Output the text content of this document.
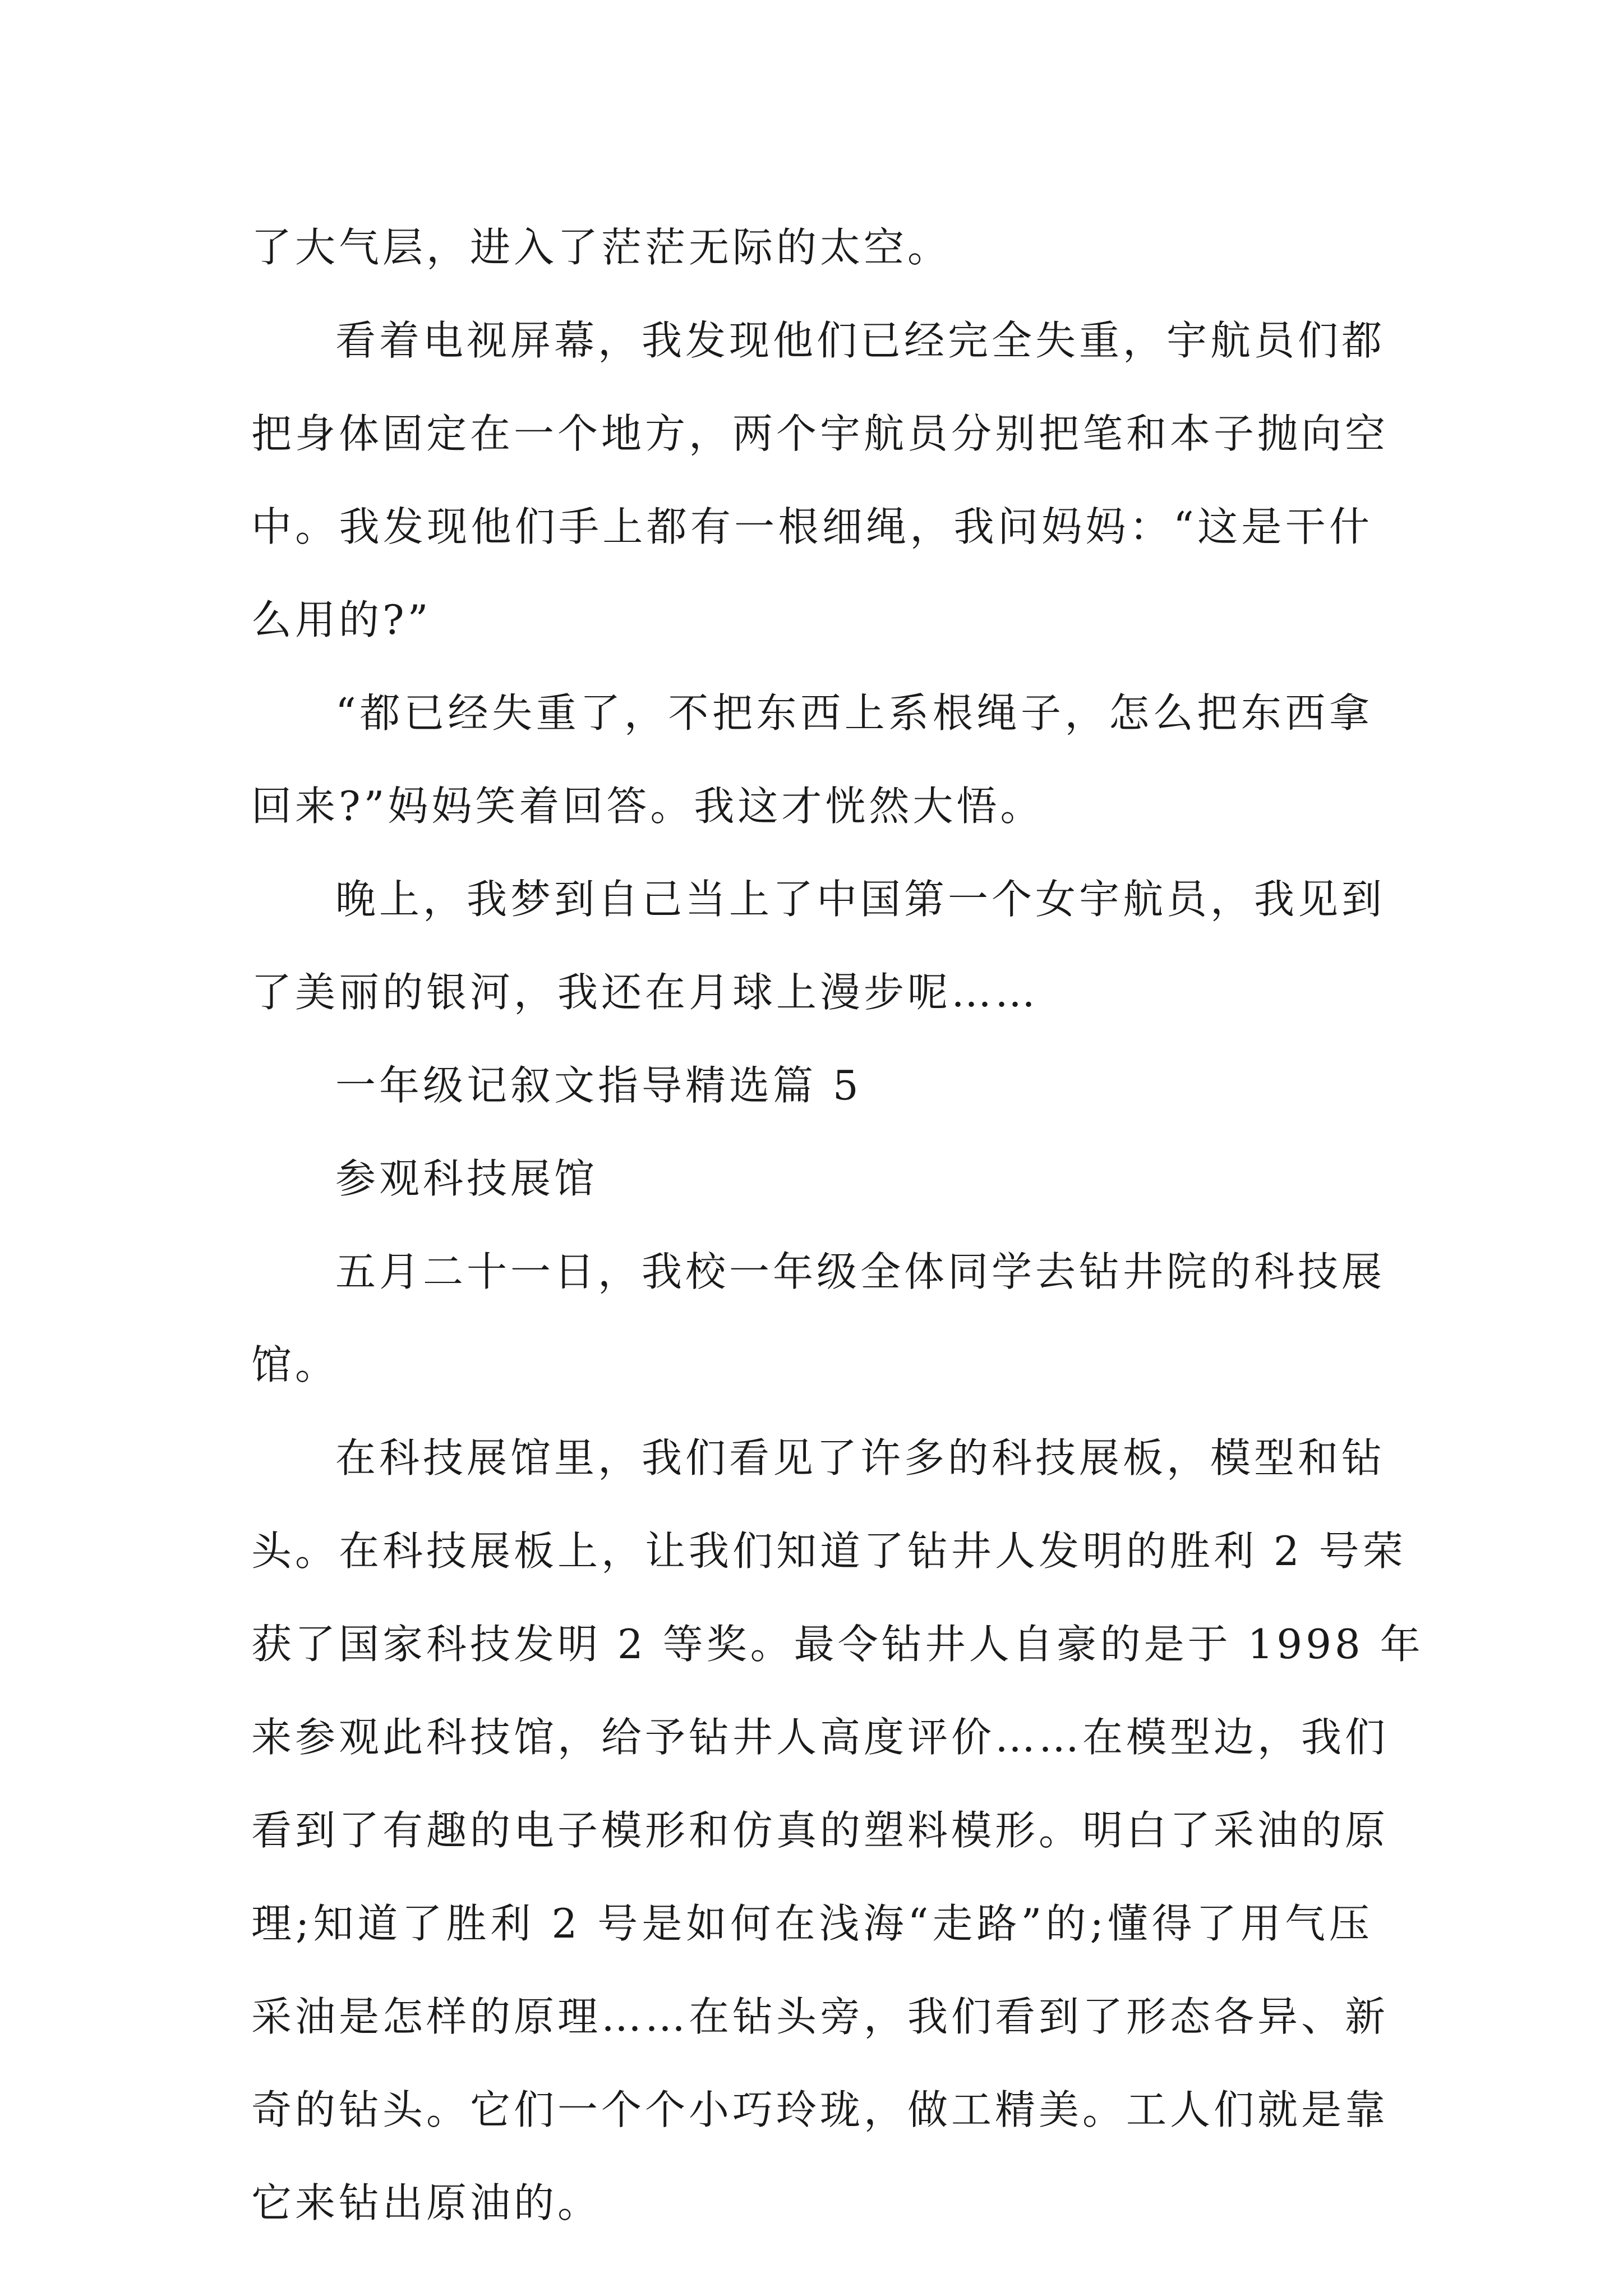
了大气层，进入了茫茫无际的太空。
看着电视屏幕，我发现他们已经完全失重，宇航员们都
把身体固定在一个地方，两个宇航员分别把笔和本子抛向空
中。我发现他们手上都有一根细绳，我问妈妈：“这是干什
么用的?”
“都已经失重了，不把东西上系根绳子，怎么把东西拿
回来?”妈妈笑着回答。我这才恍然大悟。
晚上，我梦到自己当上了中国第一个女宇航员，我见到
了美丽的银河，我还在月球上漫步呢……
一年级记叙文指导精选篇 5
参观科技展馆
五月二十一日，我校一年级全体同学去钻井院的科技展
馆。
在科技展馆里，我们看见了许多的科技展板，模型和钻
头。在科技展板上，让我们知道了钻井人发明的胜利 2 号荣
获了国家科技发明 2 等奖。最令钻井人自豪的是于 1998 年
来参观此科技馆，给予钻井人高度评价……在模型边，我们
看到了有趣的电子模形和仿真的塑料模形。明白了采油的原
理;知道了胜利 2 号是如何在浅海“走路”的;懂得了用气压
采油是怎样的原理……在钻头旁，我们看到了形态各异、新
奇的钻头。它们一个个小巧玲珑，做工精美。工人们就是靠
它来钻出原油的。
